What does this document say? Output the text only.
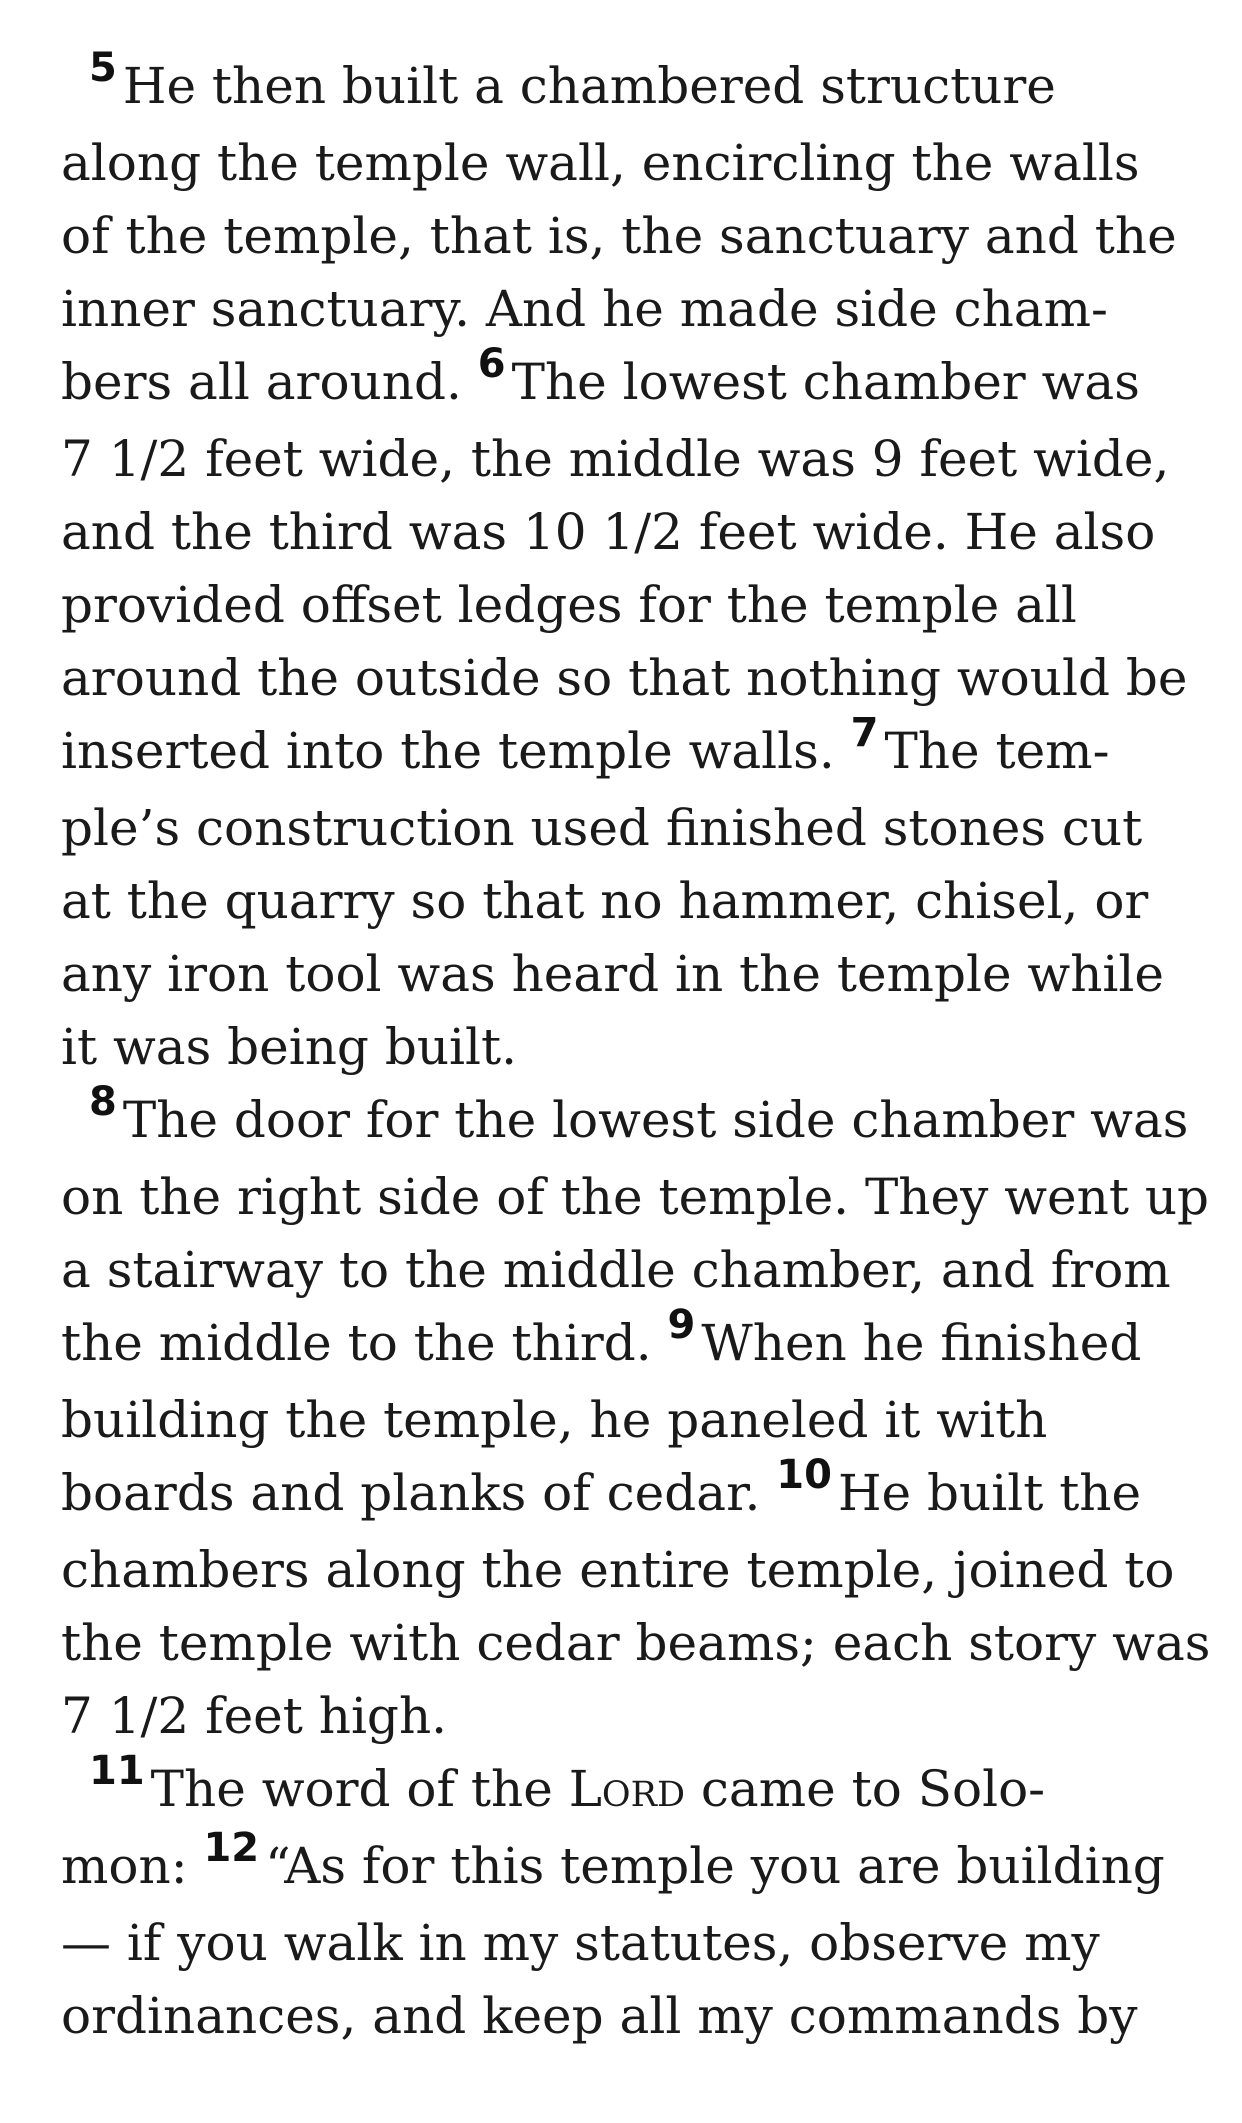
$^5$ He then built a chambered structure
along the temple wall, encircling the walls
of the temple, that is, the sanctuary and the
inner sanctuary. And he made side cham-
bers all around. $^6$ The lowest chamber was
7 1/2 feet wide, the middle was 9 feet wide,
and the third was 10 1/2 feet wide. He also
provided offset ledges for the temple all
around the outside so that nothing would be
inserted into the temple walls. $^7$ The tem-
ple’s construction used finished stones cut
at the quarry so that no hammer, chisel, or
any iron tool was heard in the temple while
it was being built.
$^8$ The door for the lowest side chamber was
on the right side of the temple. They went up
a stairway to the middle chamber, and from
the middle to the third. $^9$ When he finished
building the temple, he paneled it with
boards and planks of cedar. $^{10}$ He built the
chambers along the entire temple, joined to
the temple with cedar beams; each story was
7 1/2 feet high.
$^{11}$ The word of the Lord came to Solo-
mon: $^{12}$ “As for this temple you are building
— if you walk in my statutes, observe my
ordinances, and keep all my commands by
